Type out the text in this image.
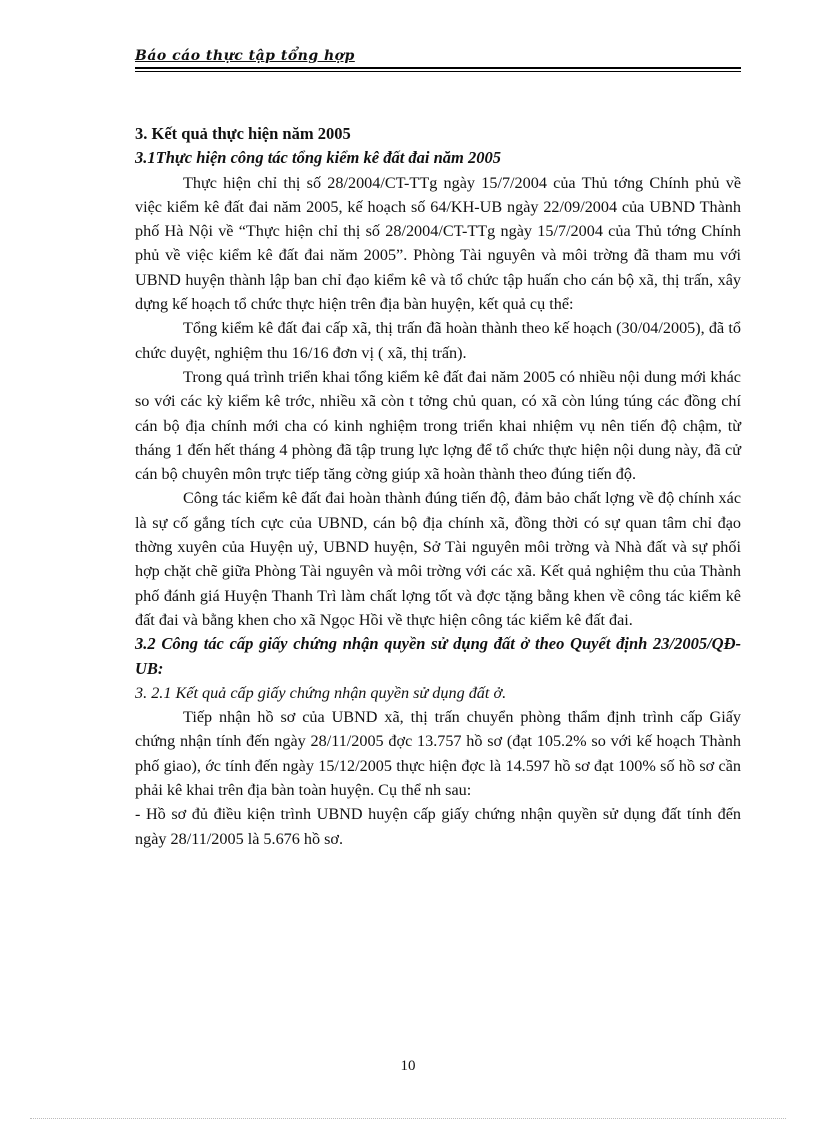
Báo cáo thực tập tổng hợp

3. Kết quả thực hiện năm 2005

3.1Thực hiện công tác tổng kiểm kê đất đai năm 2005

Thực hiện chỉ thị số 28/2004/CT-TTg ngày 15/7/2004 của Thủ tớng Chính phủ về việc kiểm kê đất đai năm 2005, kế hoạch số 64/KH-UB ngày 22/09/2004 của UBND Thành phố Hà Nội về “Thực hiện chỉ thị số 28/2004/CT-TTg ngày 15/7/2004 của Thủ tớng Chính phủ về việc kiểm kê đất đai năm 2005”. Phòng Tài nguyên và môi trờng đã tham mu với UBND huyện thành lập ban chỉ đạo kiểm kê và tổ chức tập huấn cho cán bộ xã, thị trấn, xây dựng kế hoạch tổ chức thực hiện trên địa bàn huyện, kết quả cụ thể:

Tổng kiểm kê đất đai cấp xã, thị trấn đã hoàn thành theo kế hoạch (30/04/2005), đã tổ chức duyệt, nghiệm thu 16/16 đơn vị ( xã, thị trấn).

Trong quá trình triển khai tổng kiểm kê đất đai năm 2005 có nhiều nội dung mới khác so với các kỳ kiểm kê trớc, nhiều xã còn t tởng chủ quan, có xã còn lúng túng các đồng chí cán bộ địa chính mới cha có kinh nghiệm trong triển khai nhiệm vụ nên tiến độ chậm, từ tháng 1 đến hết tháng 4 phòng đã tập trung lực lợng để tổ chức thực hiện nội dung này, đã cử cán bộ chuyên môn trực tiếp tăng cờng giúp xã hoàn thành theo đúng tiến độ.

Công tác kiểm kê đất đai hoàn thành đúng tiến độ, đảm bảo chất lợng về độ chính xác là sự cố gắng tích cực của UBND, cán bộ địa chính xã, đồng thời có sự quan tâm chỉ đạo thờng xuyên của Huyện uỷ, UBND huyện, Sở Tài nguyên môi trờng và Nhà đất và sự phối hợp chặt chẽ giữa Phòng Tài nguyên và môi trờng với các xã. Kết quả nghiệm thu của Thành phố đánh giá Huyện Thanh Trì làm chất lợng tốt và đợc tặng bằng khen về công tác kiểm kê đất đai và bằng khen cho xã Ngọc Hồi về thực hiện công tác kiểm kê đất đai.

3.2 Công tác cấp giấy chứng nhận quyền sử dụng đất ở theo Quyết định 23/2005/QĐ-UB:

3. 2.1 Kết quả cấp giấy chứng nhận quyền sử dụng đất ở.

Tiếp nhận hồ sơ của UBND xã, thị trấn chuyển phòng thẩm định trình cấp Giấy chứng nhận tính đến ngày 28/11/2005 đợc 13.757 hồ sơ (đạt 105.2% so với kế hoạch Thành phố giao), ớc tính đến ngày 15/12/2005 thực hiện đợc là 14.597 hồ sơ đạt 100% số hồ sơ cần phải kê khai trên địa bàn toàn huyện. Cụ thể nh sau:

- Hồ sơ đủ điều kiện trình UBND huyện cấp giấy chứng nhận quyền sử dụng đất tính đến ngày 28/11/2005 là 5.676 hồ sơ.

10
